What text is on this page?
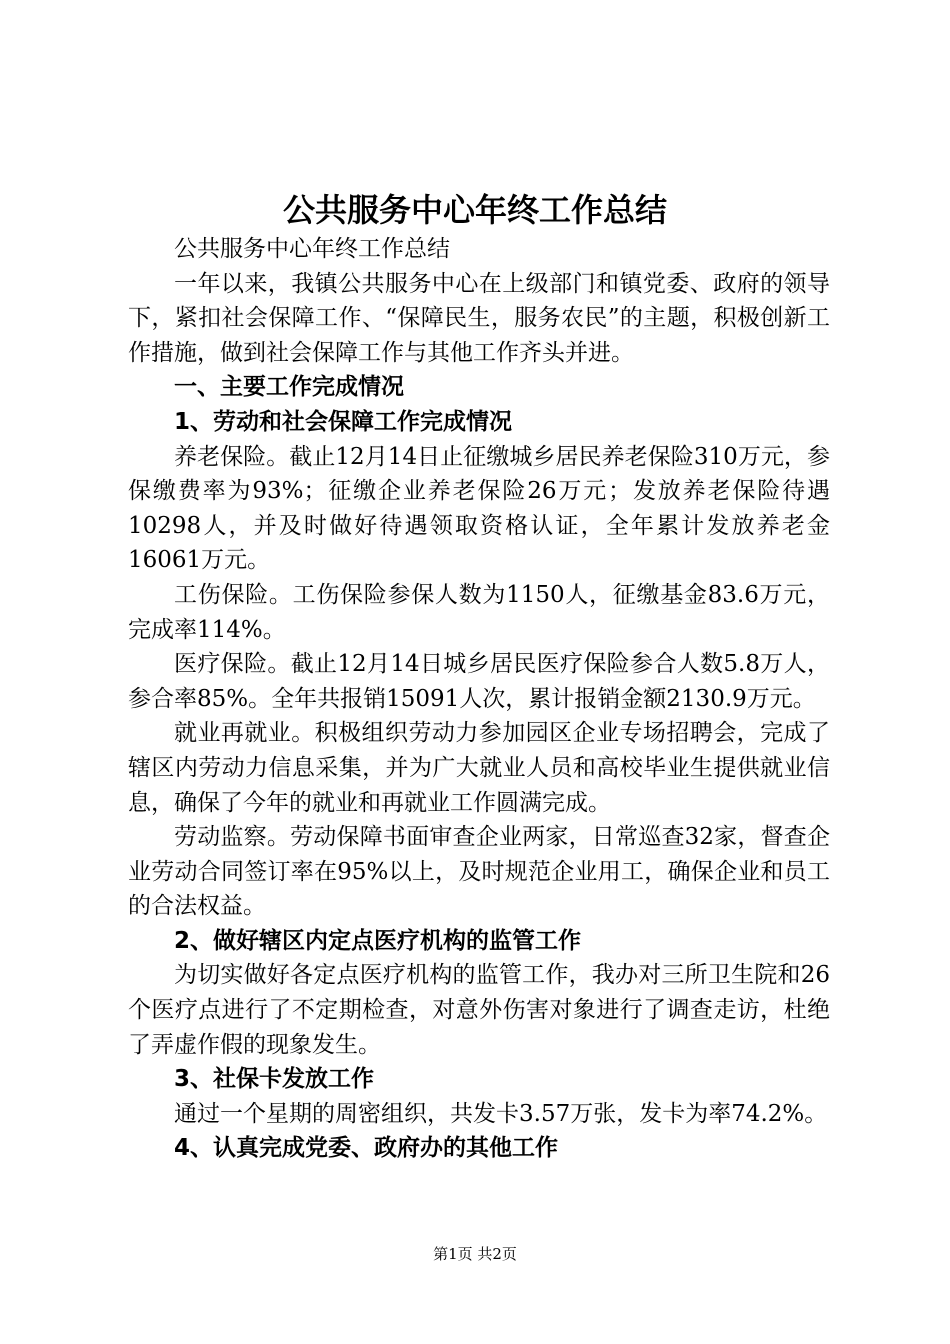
公共服务中心年终工作总结

公共服务中心年终工作总结

一年以来，我镇公共服务中心在上级部门和镇党委、政府的领导下，紧扣社会保障工作、“保障民生，服务农民”的主题，积极创新工作措施，做到社会保障工作与其他工作齐头并进。

一、主要工作完成情况
1、劳动和社会保障工作完成情况

养老保险。截止12月14日止征缴城乡居民养老保险310万元，参保缴费率为93%；征缴企业养老保险26万元；发放养老保险待遇10298人，并及时做好待遇领取资格认证，全年累计发放养老金16061万元。

工伤保险。工伤保险参保人数为1150人，征缴基金83.6万元，完成率114%。

医疗保险。截止12月14日城乡居民医疗保险参合人数5.8万人，参合率85%。全年共报销15091人次，累计报销金额2130.9万元。

就业再就业。积极组织劳动力参加园区企业专场招聘会，完成了辖区内劳动力信息采集，并为广大就业人员和高校毕业生提供就业信息，确保了今年的就业和再就业工作圆满完成。

劳动监察。劳动保障书面审查企业两家，日常巡查32家，督查企业劳动合同签订率在95%以上，及时规范企业用工，确保企业和员工的合法权益。

2、做好辖区内定点医疗机构的监管工作

为切实做好各定点医疗机构的监管工作，我办对三所卫生院和26个医疗点进行了不定期检查，对意外伤害对象进行了调查走访，杜绝了弄虚作假的现象发生。

3、社保卡发放工作

通过一个星期的周密组织，共发卡3.57万张，发卡为率74.2%。

4、认真完成党委、政府办的其他工作
第1页 共2页
